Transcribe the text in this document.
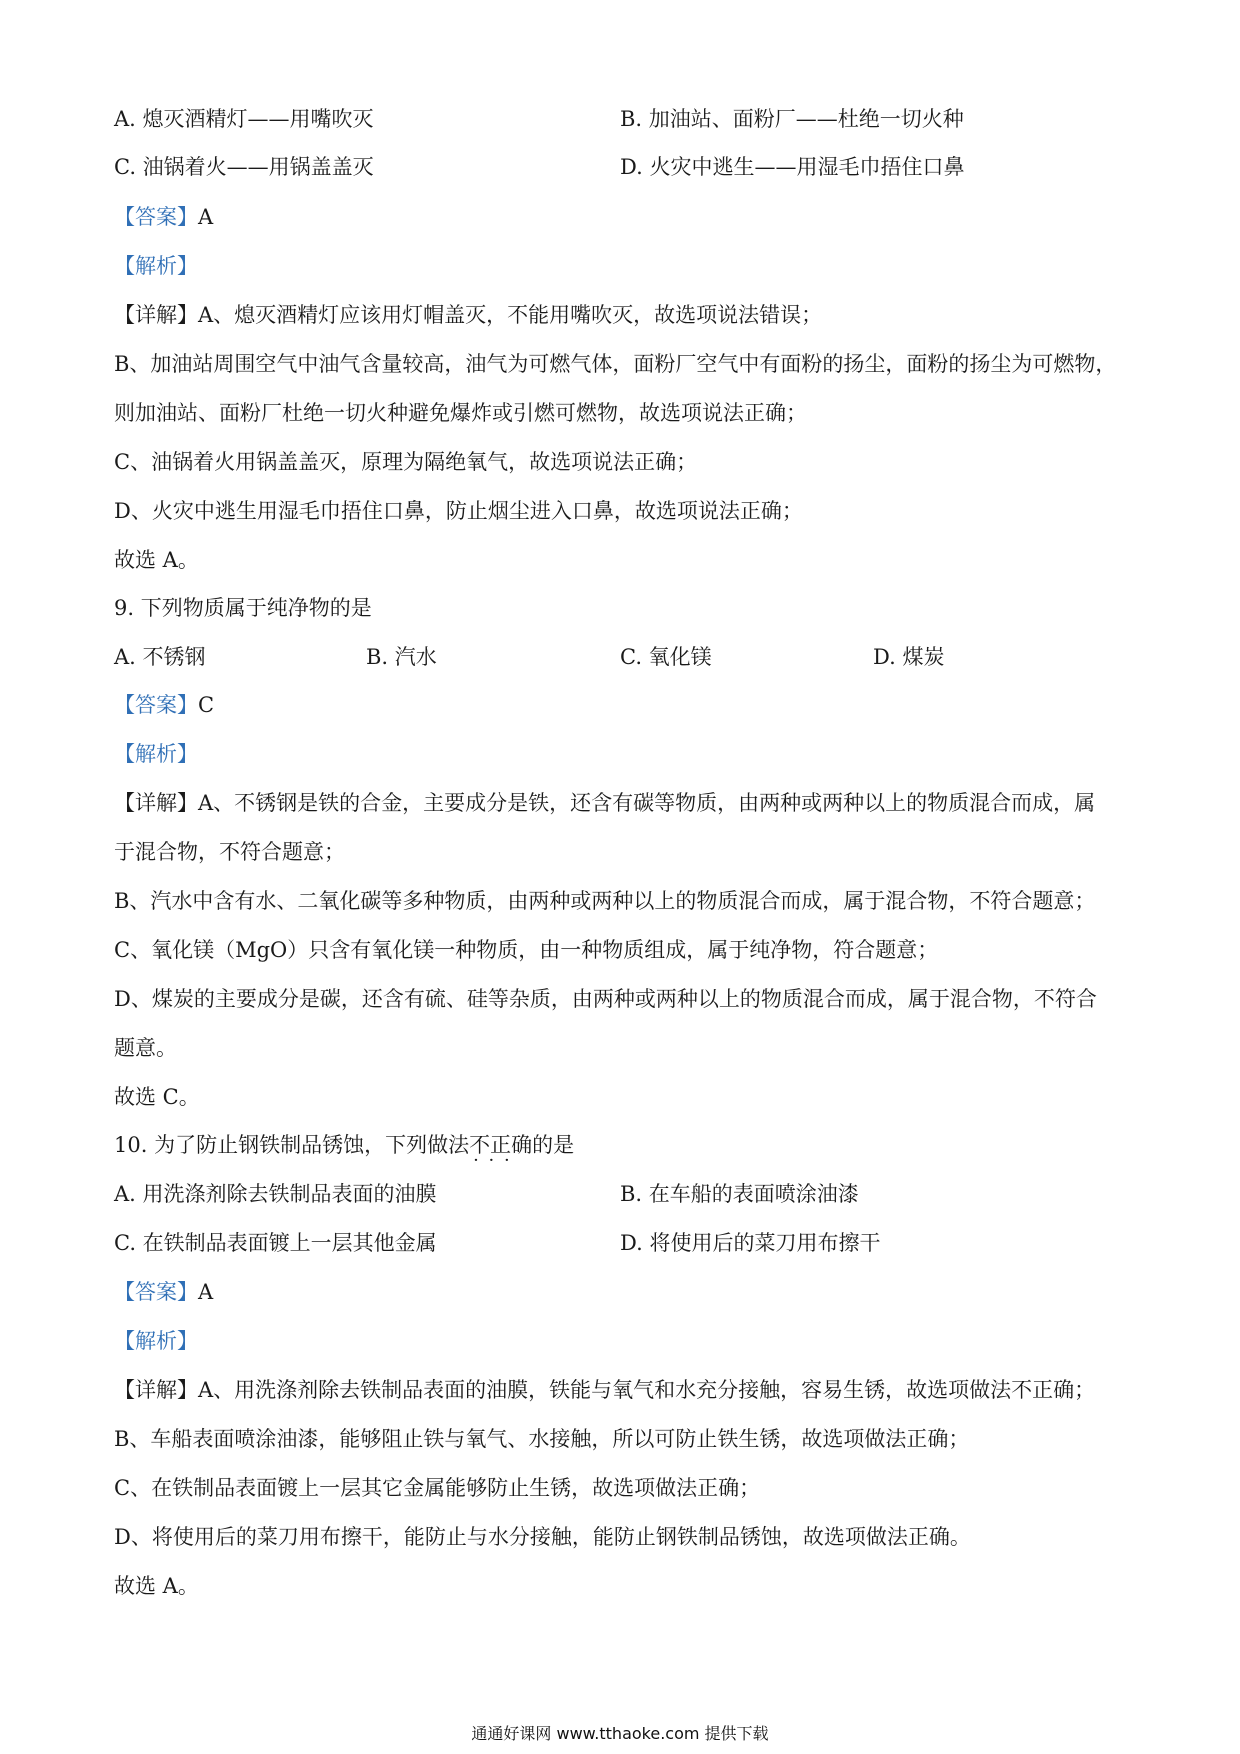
A. 熄灭酒精灯——用嘴吹灭	B. 加油站、面粉厂——杜绝一切火种
C. 油锅着火——用锅盖盖灭	D. 火灾中逃生——用湿毛巾捂住口鼻
【答案】A
【解析】
【详解】A、熄灭酒精灯应该用灯帽盖灭，不能用嘴吹灭，故选项说法错误；
B、加油站周围空气中油气含量较高，油气为可燃气体，面粉厂空气中有面粉的扬尘，面粉的扬尘为可燃物，
则加油站、面粉厂杜绝一切火种避免爆炸或引燃可燃物，故选项说法正确；
C、油锅着火用锅盖盖灭，原理为隔绝氧气，故选项说法正确；
D、火灾中逃生用湿毛巾捂住口鼻，防止烟尘进入口鼻，故选项说法正确；
故选 A。
9. 下列物质属于纯净物的是
A. 不锈钢	B. 汽水	C. 氧化镁	D. 煤炭
【答案】C
【解析】
【详解】A、不锈钢是铁的合金，主要成分是铁，还含有碳等物质，由两种或两种以上的物质混合而成，属
于混合物，不符合题意；
B、汽水中含有水、二氧化碳等多种物质，由两种或两种以上的物质混合而成，属于混合物，不符合题意；
C、氧化镁（MgO）只含有氧化镁一种物质，由一种物质组成，属于纯净物，符合题意；
D、煤炭的主要成分是碳，还含有硫、硅等杂质，由两种或两种以上的物质混合而成，属于混合物，不符合
题意。
故选 C。
10. 为了防止钢铁制品锈蚀，下列做法不正确 · · ·的是
A. 用洗涤剂除去铁制品表面的油膜	B. 在车船的表面喷涂油漆
C. 在铁制品表面镀上一层其他金属	D. 将使用后的菜刀用布擦干
【答案】A
【解析】
【详解】A、用洗涤剂除去铁制品表面的油膜，铁能与氧气和水充分接触，容易生锈，故选项做法不正确；
B、车船表面喷涂油漆，能够阻止铁与氧气、水接触，所以可防止铁生锈，故选项做法正确；
C、在铁制品表面镀上一层其它金属能够防止生锈，故选项做法正确；
D、将使用后的菜刀用布擦干，能防止与水分接触，能防止钢铁制品锈蚀，故选项做法正确。
故选 A。
通通好课网 www.tthaoke.com 提供下载
